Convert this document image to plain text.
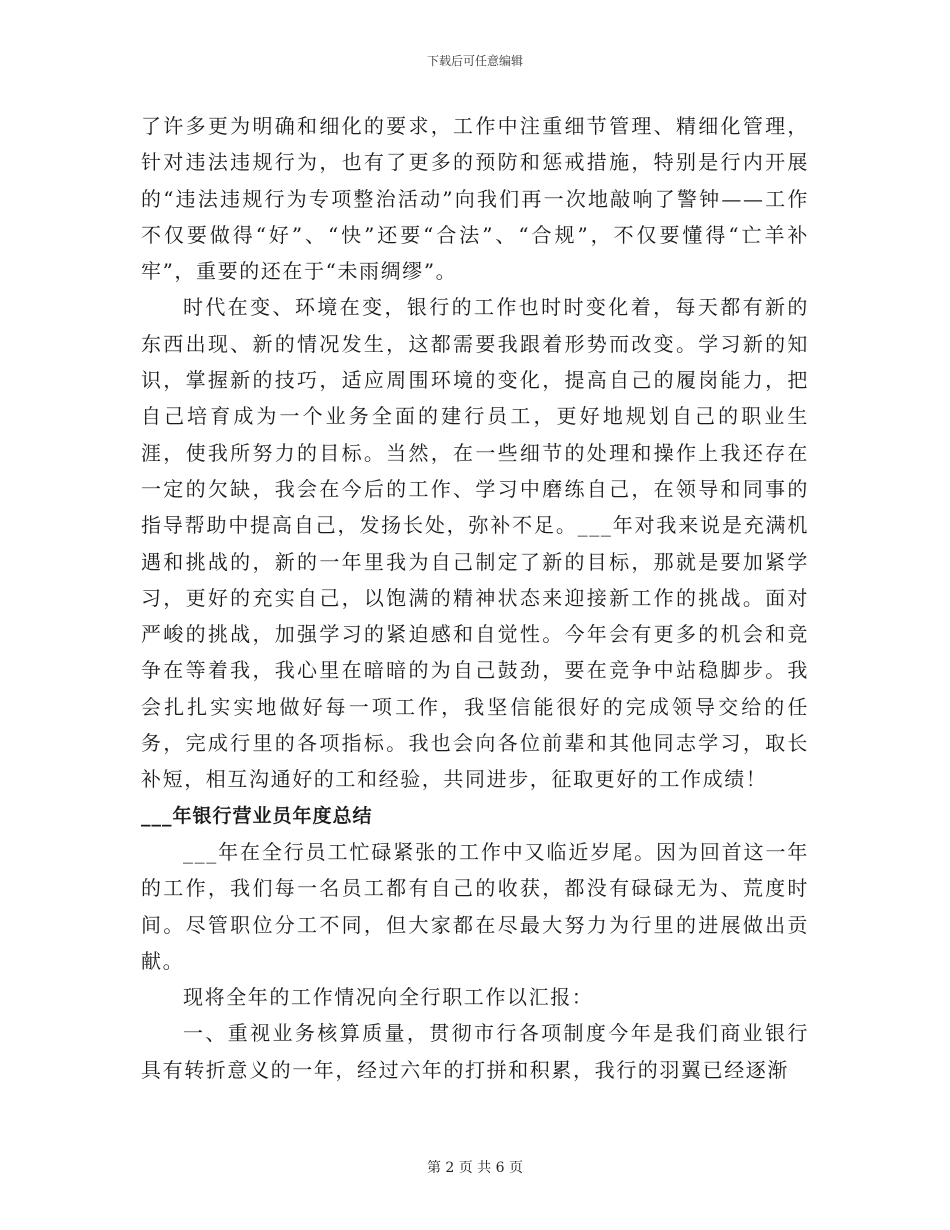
下载后可任意编辑

了许多更为明确和细化的要求，工作中注重细节管理、精细化管理，针对违法违规行为，也有了更多的预防和惩戒措施，特别是行内开展的“违法违规行为专项整治活动”向我们再一次地敲响了警钟——工作不仅要做得“好”、“快”还要“合法”、“合规”，不仅要懂得“亡羊补牢”，重要的还在于“未雨绸缪”。

时代在变、环境在变，银行的工作也时时变化着，每天都有新的东西出现、新的情况发生，这都需要我跟着形势而改变。学习新的知识，掌握新的技巧，适应周围环境的变化，提高自己的履岗能力，把自己培育成为一个业务全面的建行员工，更好地规划自己的职业生涯，使我所努力的目标。当然，在一些细节的处理和操作上我还存在一定的欠缺，我会在今后的工作、学习中磨练自己，在领导和同事的指导帮助中提高自己，发扬长处，弥补不足。___年对我来说是充满机遇和挑战的，新的一年里我为自己制定了新的目标，那就是要加紧学习，更好的充实自己，以饱满的精神状态来迎接新工作的挑战。面对严峻的挑战，加强学习的紧迫感和自觉性。今年会有更多的机会和竞争在等着我，我心里在暗暗的为自己鼓劲，要在竞争中站稳脚步。我会扎扎实实地做好每一项工作，我坚信能很好的完成领导交给的任务，完成行里的各项指标。我也会向各位前辈和其他同志学习，取长补短，相互沟通好的工和经验，共同进步，征取更好的工作成绩！

___年银行营业员年度总结

___年在全行员工忙碌紧张的工作中又临近岁尾。因为回首这一年的工作，我们每一名员工都有自己的收获，都没有碌碌无为、荒度时间。尽管职位分工不同，但大家都在尽最大努力为行里的进展做出贡献。

现将全年的工作情况向全行职工作以汇报：

一、重视业务核算质量，贯彻市行各项制度今年是我们商业银行具有转折意义的一年，经过六年的打拼和积累，我行的羽翼已经逐渐

第 2 页 共 6 页
